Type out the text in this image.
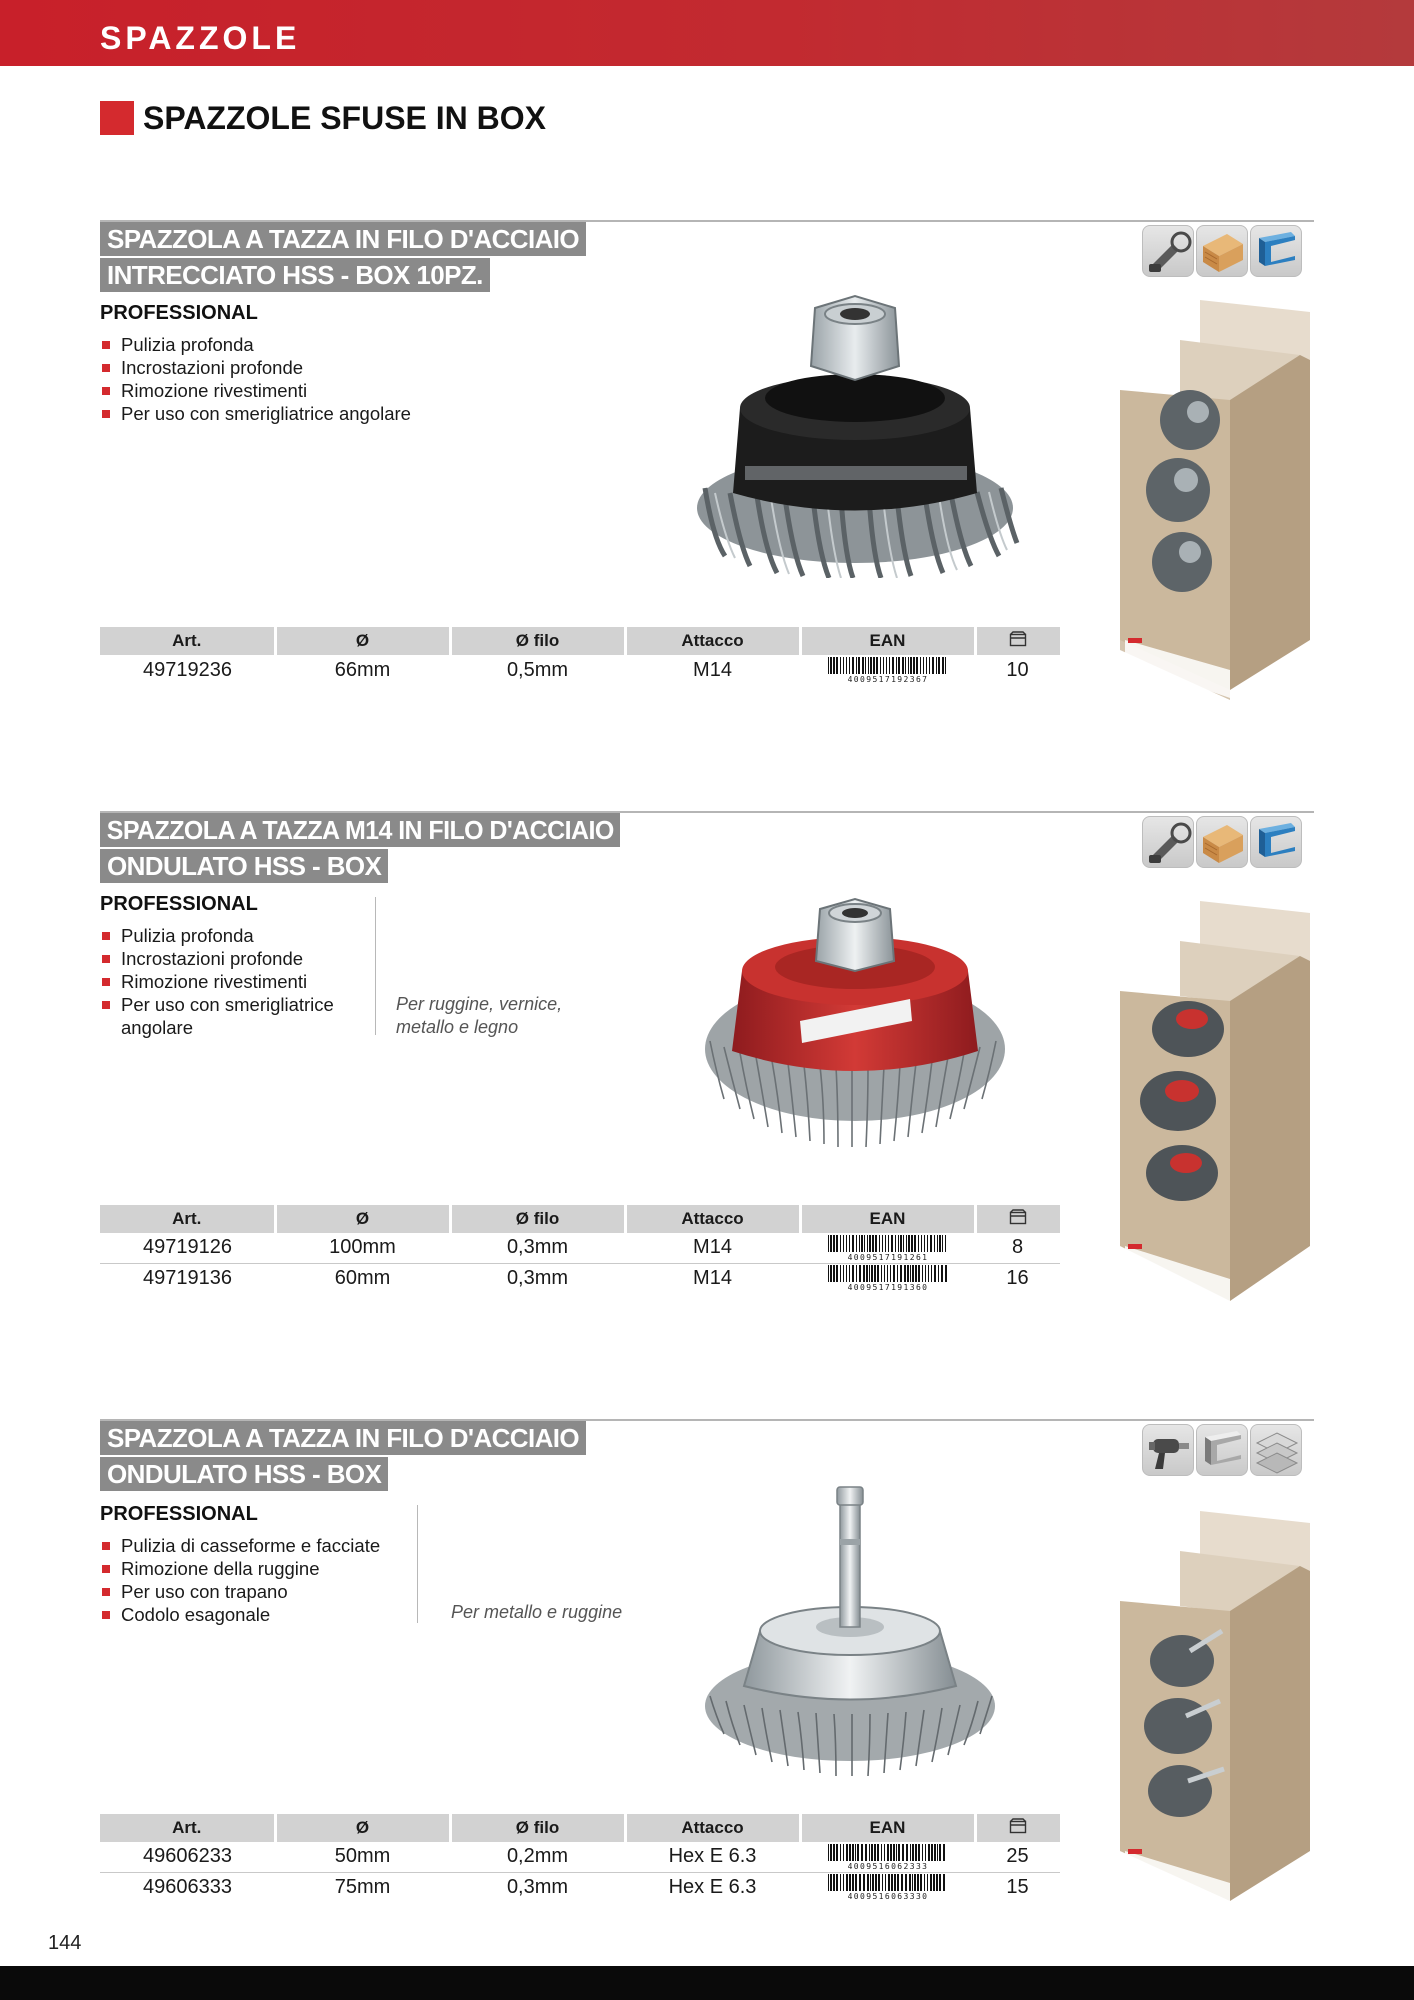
SPAZZOLE
SPAZZOLE SFUSE IN BOX
SPAZZOLA A TAZZA IN FILO D'ACCIAIO
INTRECCIATO HSS - BOX 10PZ.
PROFESSIONAL
Pulizia profonda
Incrostazioni profonde
Rimozione rivestimenti
Per uso con smerigliatrice angolare
Art.	Ø	Ø filo	Attacco	EAN	
49719236	66mm	0,5mm	M14	4009517192367	10
SPAZZOLA A TAZZA M14 IN FILO D'ACCIAIO
ONDULATO HSS - BOX
PROFESSIONAL
Pulizia profonda
Incrostazioni profonde
Rimozione rivestimenti
Per uso con smerigliatrice angolare
Per ruggine, vernice, metallo e legno
Art.	Ø	Ø filo	Attacco	EAN	
49719126	100mm	0,3mm	M14	4009517191261	8
49719136	60mm	0,3mm	M14	4009517191360	16
SPAZZOLA A TAZZA IN FILO D'ACCIAIO
ONDULATO HSS - BOX
PROFESSIONAL
Pulizia di casseforme e facciate
Rimozione della ruggine
Per uso con trapano
Codolo esagonale	Per metallo e ruggine
Art.	Ø	Ø filo	Attacco	EAN	
49606233	50mm	0,2mm	Hex E 6.3	4009516062333	25
49606333	75mm	0,3mm	Hex E 6.3	4009516063330	15
144
